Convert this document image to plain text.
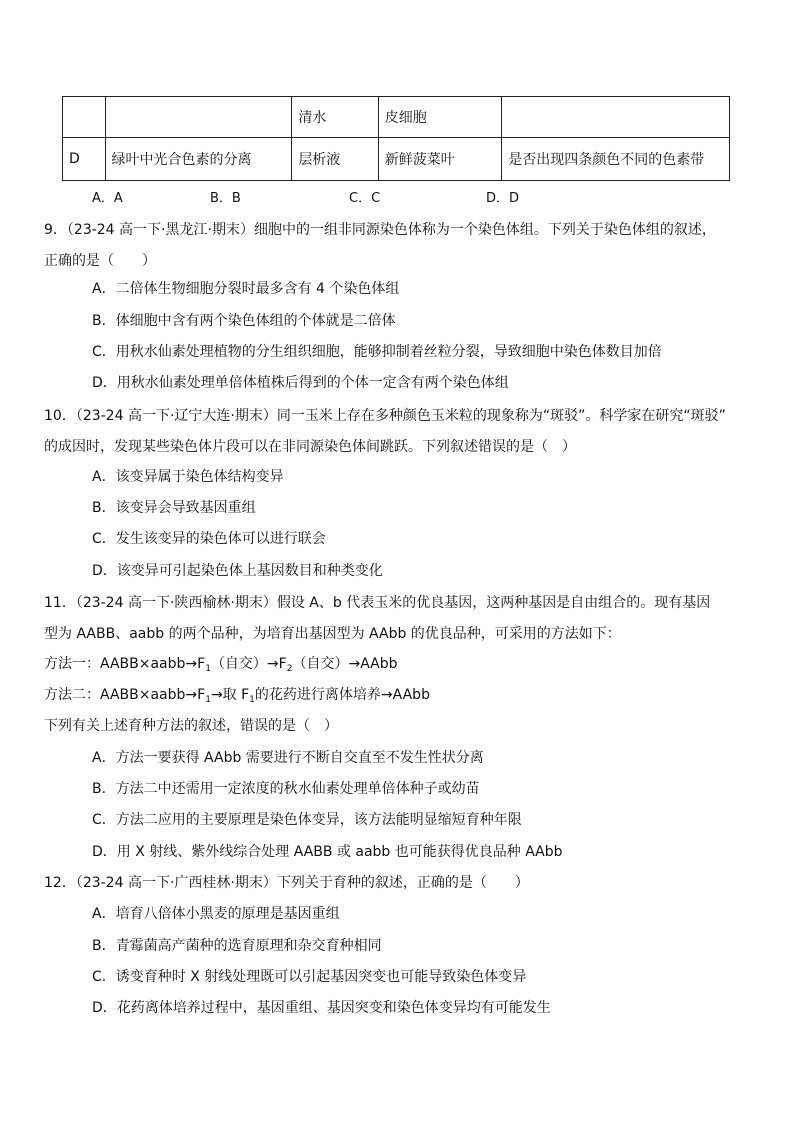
		清水	皮细胞	
D	绿叶中光合色素的分离	层析液	新鲜菠菜叶	是否出现四条颜色不同的色素带
A．A	B．B	C．C	D．D
9．（23-24 高一下·黑龙江·期末）细胞中的一组非同源染色体称为一个染色体组。下列关于染色体组的叙述，
正确的是（　　）
A．二倍体生物细胞分裂时最多含有 4 个染色体组
B．体细胞中含有两个染色体组的个体就是二倍体
C．用秋水仙素处理植物的分生组织细胞，能够抑制着丝粒分裂，导致细胞中染色体数目加倍
D．用秋水仙素处理单倍体植株后得到的个体一定含有两个染色体组
10．（23-24 高一下·辽宁大连·期末）同一玉米上存在多种颜色玉米粒的现象称为“斑驳”。科学家在研究“斑驳”
的成因时，发现某些染色体片段可以在非同源染色体间跳跃。下列叙述错误的是（　）
A．该变异属于染色体结构变异
B．该变异会导致基因重组
C．发生该变异的染色体可以进行联会
D．该变异可引起染色体上基因数目和种类变化
11．（23-24 高一下·陕西榆林·期末）假设 A、b 代表玉米的优良基因，这两种基因是自由组合的。现有基因
型为 AABB、aabb 的两个品种，为培育出基因型为 AAbb 的优良品种，可采用的方法如下：
方法一：$AABB\times aabb\to F_1$（自交）$\to F_2$（自交）→AAbb
方法二：$AABB\times aabb\to F_1\to$取 $F_1$的花药进行离体培养→AAbb
下列有关上述育种方法的叙述，错误的是（　）
A．方法一要获得 AAbb 需要进行不断自交直至不发生性状分离
B．方法二中还需用一定浓度的秋水仙素处理单倍体种子或幼苗
C．方法二应用的主要原理是染色体变异，该方法能明显缩短育种年限
D．用 X 射线、紫外线综合处理 AABB 或 aabb 也可能获得优良品种 AAbb
12．（23-24 高一下·广西桂林·期末）下列关于育种的叙述，正确的是（　　）
A．培育八倍体小黑麦的原理是基因重组
B．青霉菌高产菌种的选育原理和杂交育种相同
C．诱变育种时 X 射线处理既可以引起基因突变也可能导致染色体变异
D．花药离体培养过程中，基因重组、基因突变和染色体变异均有可能发生
